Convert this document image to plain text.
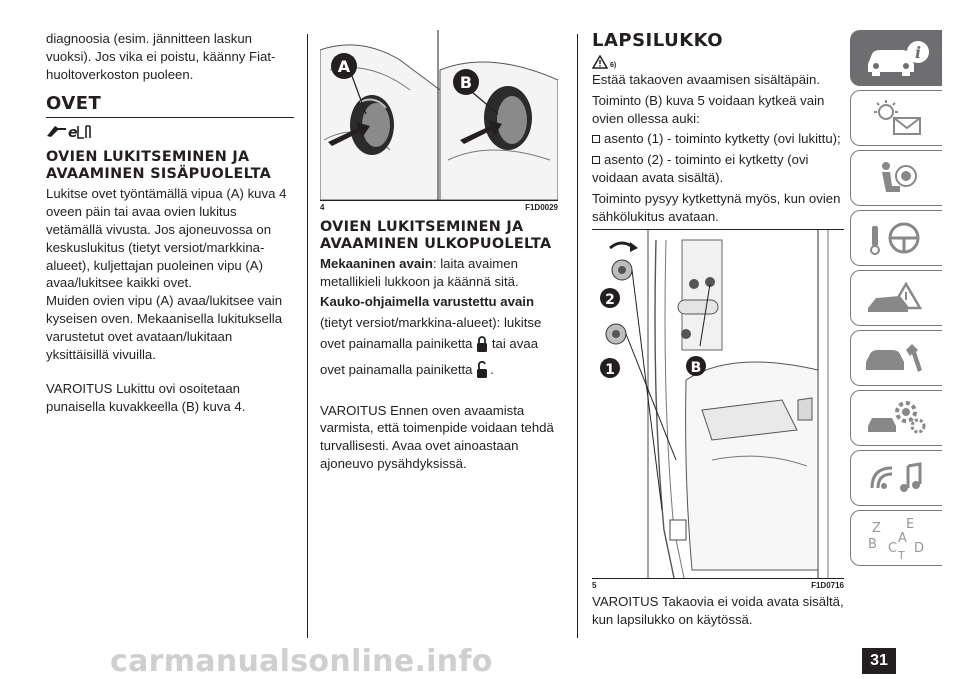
diagnoosia (esim. jännitteen laskun vuoksi). Jos vika ei poistu, käänny Fiat-huoltoverkoston puoleen.

OVET
e
OVIEN LUKITSEMINEN JA AVAAMINEN SISÄPUOLELTA

Lukitse ovet työntämällä vipua (A) kuva 4 oveen päin tai avaa ovien lukitus vetämällä vivusta. Jos ajoneuvossa on keskuslukitus (tietyt versiot/markkina-alueet), kuljettajan puoleinen vipu (A) avaa/lukitsee kaikki ovet.

Muiden ovien vipu (A) avaa/lukitsee vain kyseisen oven. Mekaanisella lukituksella varustetut ovet avataan/lukitaan yksittäisillä vivuilla.

VAROITUS Lukittu ovi osoitetaan punaisella kuvakkeella (B) kuva 4.

A
B
4	F1D0029
OVIEN LUKITSEMINEN JA AVAAMINEN ULKOPUOLELTA

Mekaaninen avain: laita avaimen metallikieli lukkoon ja käännä sitä.

Kauko-ohjaimella varustettu avain (tietyt versiot/markkina-alueet): lukitse ovet painamalla painiketta tai avaa ovet painamalla painiketta .

VAROITUS Ennen oven avaamista varmista, että toimenpide voidaan tehdä turvallisesti. Avaa ovet ainoastaan ajoneuvo pysähdyksissä.

LAPSILUKKO
6)

Estää takaoven avaamisen sisältäpäin.

Toiminto (B) kuva 5 voidaan kytkeä vain ovien ollessa auki:

asento (1) - toiminto kytketty (ovi lukittu);

asento (2) - toiminto ei kytketty (ovi voidaan avata sisältä).

Toiminto pysyy kytkettynä myös, kun ovien sähkölukitus avataan.

2
1	B
5	F1D0716

VAROITUS Takaovia ei voida avata sisältä, kun lapsilukko on käytössä.

i
Z E
A
B C D
T
carmanualsonline.info	31
